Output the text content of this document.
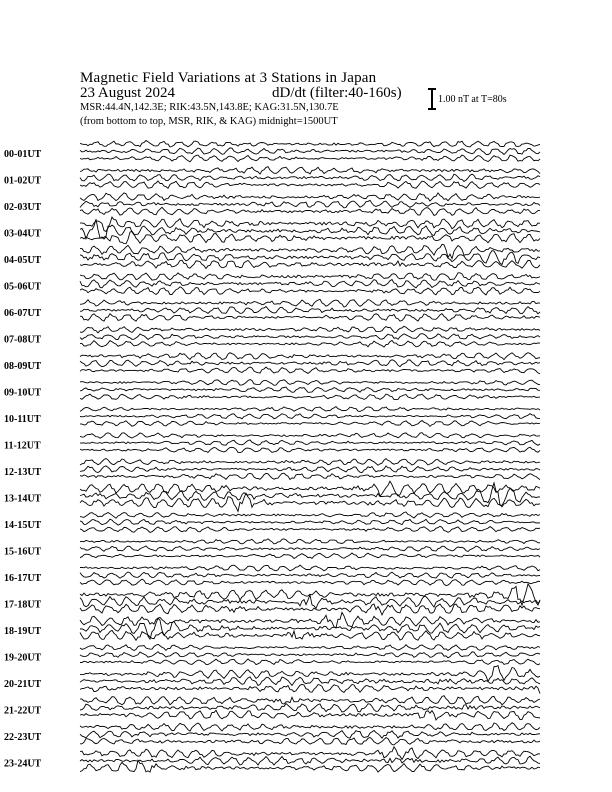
Magnetic Field Variations at 3 Stations in Japan
23 August 2024	dD/dt (filter:40-160s)
MSR:44.4N,142.3E; RIK:43.5N,143.8E; KAG:31.5N,130.7E
(from bottom to top, MSR, RIK, & KAG) midnight=1500UT
1.00 nT at T=80s
00-01UT
01-02UT
02-03UT
03-04UT
04-05UT
05-06UT
06-07UT
07-08UT
08-09UT
09-10UT
10-11UT
11-12UT
12-13UT
13-14UT
14-15UT
15-16UT
16-17UT
17-18UT
18-19UT
19-20UT
20-21UT
21-22UT
22-23UT
23-24UT
